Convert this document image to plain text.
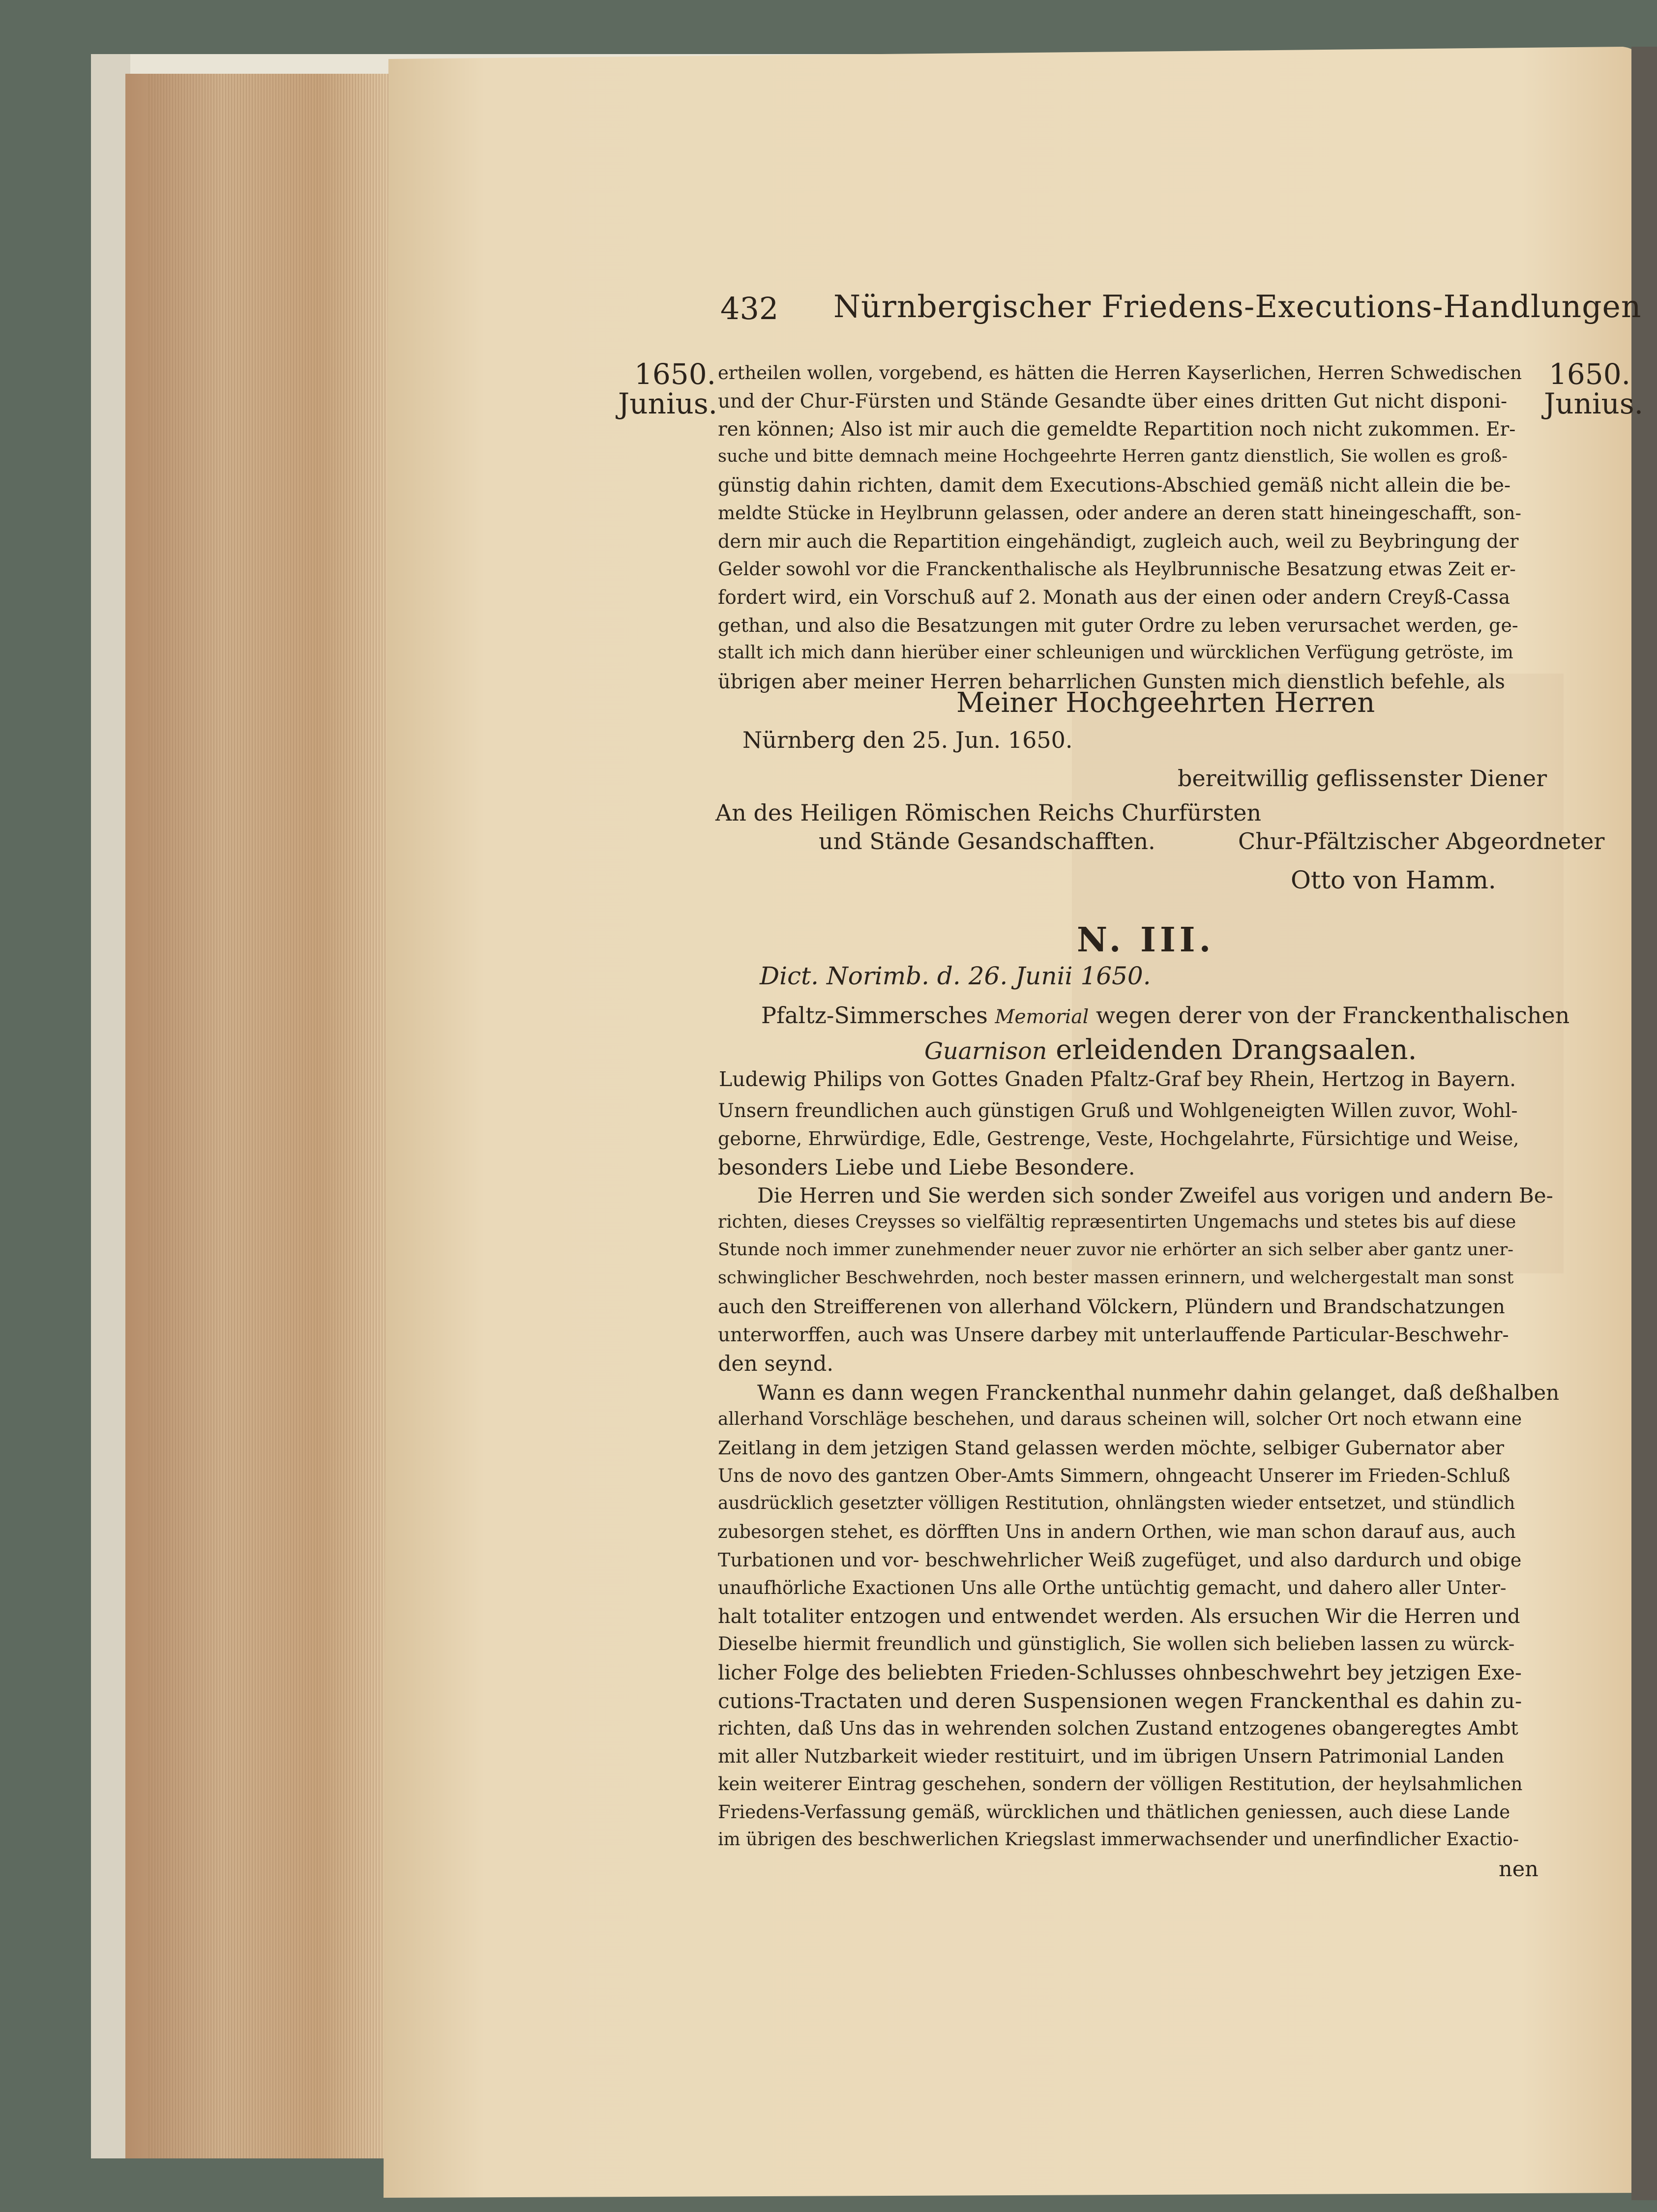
432 Nürnbergischer Friedens-Executions-Handlungen
1650.
Junius.
1650.
Junius.
ertheilen wollen, vorgebend, es hätten die Herren Kayserlichen, Herren Schwedischen
und der Chur-Fürsten und Stände Gesandte über eines dritten Gut nicht disponi-
ren können; Also ist mir auch die gemeldte Repartition noch nicht zukommen. Er-
suche und bitte demnach meine Hochgeehrte Herren gantz dienstlich, Sie wollen es groß-
günstig dahin richten, damit dem Executions-Abschied gemäß nicht allein die be-
meldte Stücke in Heylbrunn gelassen, oder andere an deren statt hineingeschafft, son-
dern mir auch die Repartition eingehändigt, zugleich auch, weil zu Beybringung der
Gelder sowohl vor die Franckenthalische als Heylbrunnische Besatzung etwas Zeit er-
fordert wird, ein Vorschuß auf 2. Monath aus der einen oder andern Creyß-Cassa
gethan, und also die Besatzungen mit guter Ordre zu leben verursachet werden, ge-
stallt ich mich dann hierüber einer schleunigen und würcklichen Verfügung getröste, im
übrigen aber meiner Herren beharrlichen Gunsten mich dienstlich befehle, als
Meiner Hochgeehrten Herren
Nürnberg den 25. Jun. 1650.
bereitwillig geflissenster Diener
An des Heiligen Römischen Reichs Churfürsten
und Stände Gesandschafften.	Chur-Pfältzischer Abgeordneter
Otto von Hamm.
N. III.
Dict. Norimb. d. 26. Junii 1650.
Pfaltz-Simmersches Memorial wegen derer von der Franckenthalischen
Guarnison erleidenden Drangsaalen.
Ludewig Philips von Gottes Gnaden Pfaltz-Graf bey Rhein, Hertzog in Bayern.
Unsern freundlichen auch günstigen Gruß und Wohlgeneigten Willen zuvor, Wohl-
geborne, Ehrwürdige, Edle, Gestrenge, Veste, Hochgelahrte, Fürsichtige und Weise,
besonders Liebe und Liebe Besondere.
Die Herren und Sie werden sich sonder Zweifel aus vorigen und andern Be-
richten, dieses Creysses so vielfältig repræsentirten Ungemachs und stetes bis auf diese
Stunde noch immer zunehmender neuer zuvor nie erhörter an sich selber aber gantz uner-
schwinglicher Beschwehrden, noch bester massen erinnern, und welchergestalt man sonst
auch den Streifferenen von allerhand Völckern, Plündern und Brandschatzungen
unterworffen, auch was Unsere darbey mit unterlauffende Particular-Beschwehr-
den seynd.
Wann es dann wegen Franckenthal nunmehr dahin gelanget, daß deßhalben
allerhand Vorschläge beschehen, und daraus scheinen will, solcher Ort noch etwann eine
Zeitlang in dem jetzigen Stand gelassen werden möchte, selbiger Gubernator aber
Uns de novo des gantzen Ober-Amts Simmern, ohngeacht Unserer im Frieden-Schluß
ausdrücklich gesetzter völligen Restitution, ohnlängsten wieder entsetzet, und stündlich
zubesorgen stehet, es dörfften Uns in andern Orthen, wie man schon darauf aus, auch
Turbationen und vor- beschwehrlicher Weiß zugefüget, und also dardurch und obige
unaufhörliche Exactionen Uns alle Orthe untüchtig gemacht, und dahero aller Unter-
halt totaliter entzogen und entwendet werden. Als ersuchen Wir die Herren und
Dieselbe hiermit freundlich und günstiglich, Sie wollen sich belieben lassen zu würck-
licher Folge des beliebten Frieden-Schlusses ohnbeschwehrt bey jetzigen Exe-
cutions-Tractaten und deren Suspensionen wegen Franckenthal es dahin zu-
richten, daß Uns das in wehrenden solchen Zustand entzogenes obangeregtes Ambt
mit aller Nutzbarkeit wieder restituirt, und im übrigen Unsern Patrimonial Landen
kein weiterer Eintrag geschehen, sondern der völligen Restitution, der heylsahmlichen
Friedens-Verfassung gemäß, würcklichen und thätlichen geniessen, auch diese Lande
im übrigen des beschwerlichen Kriegslast immerwachsender und unerfindlicher Exactio-
nen
